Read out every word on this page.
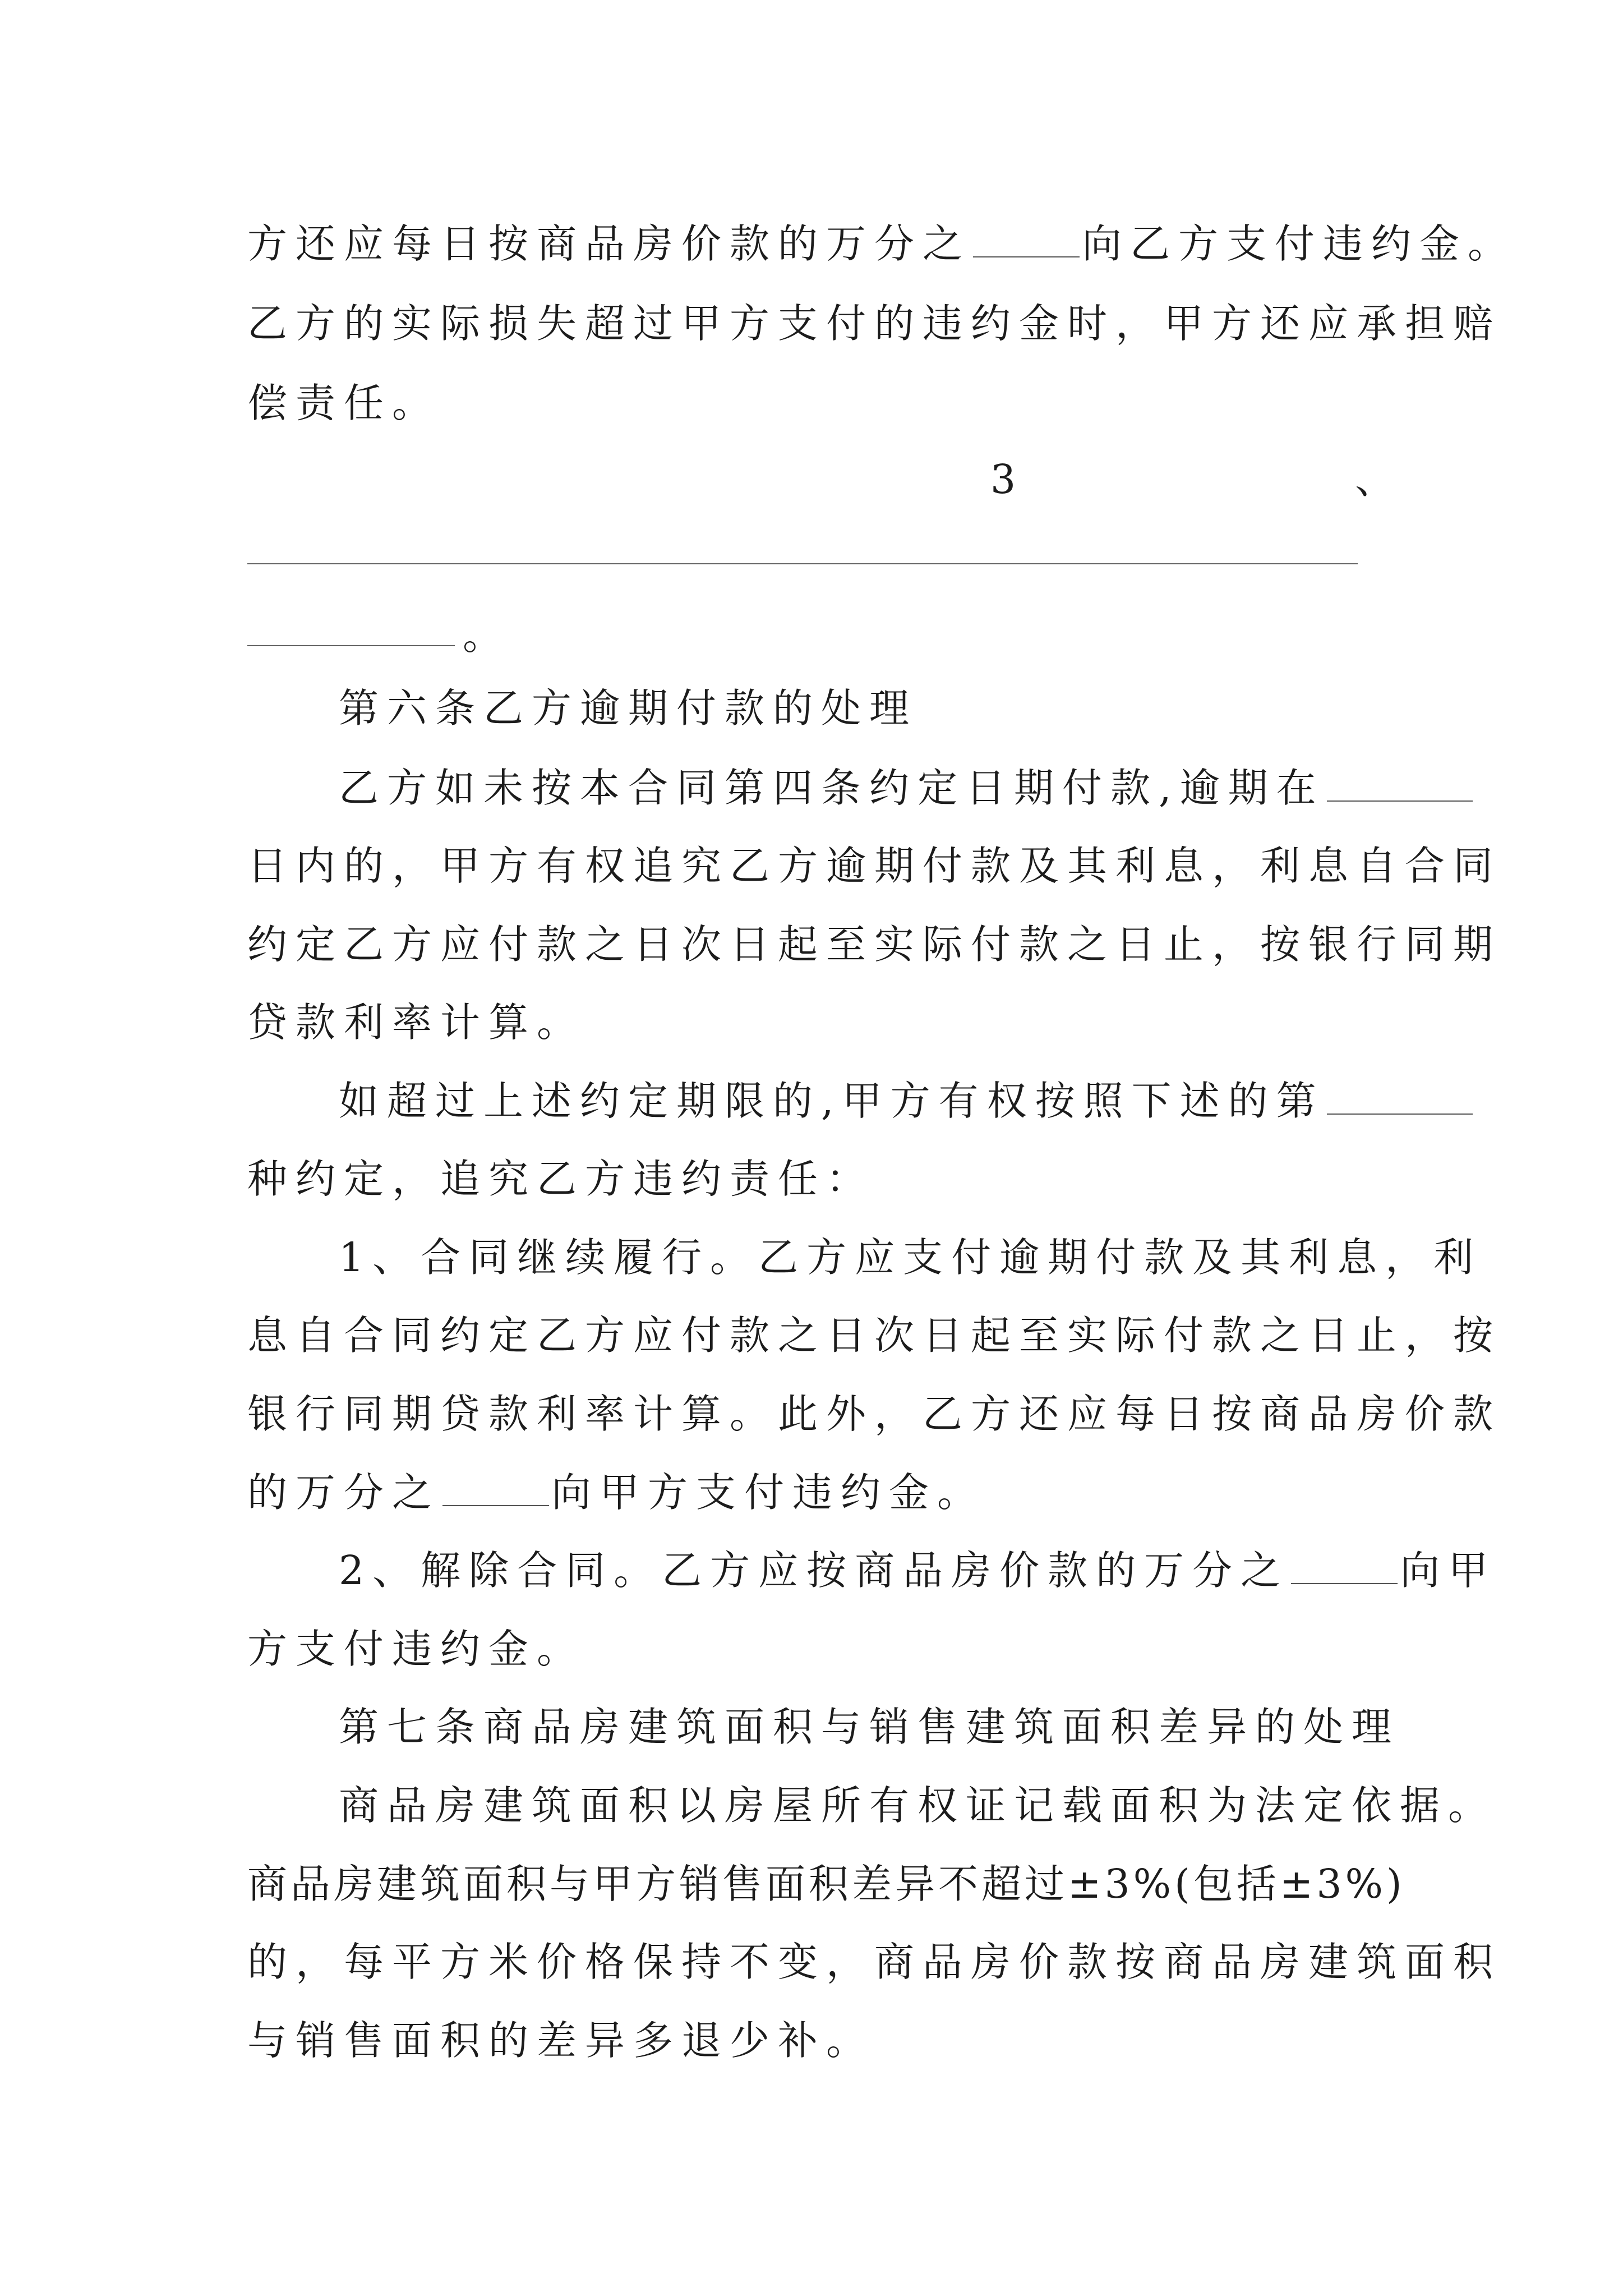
方还应每日按商品房价款的万分之	向乙方支付违约金。
乙方的实际损失超过甲方支付的违约金时，甲方还应承担赔
偿责任。
3	、
。
第六条乙方逾期付款的处理
乙方如未按本合同第四条约定日期付款,逾期在
日内的，甲方有权追究乙方逾期付款及其利息，利息自合同
约定乙方应付款之日次日起至实际付款之日止，按银行同期
贷款利率计算。
如超过上述约定期限的,甲方有权按照下述的第
种约定，追究乙方违约责任：
1、合同继续履行。乙方应支付逾期付款及其利息，利
息自合同约定乙方应付款之日次日起至实际付款之日止，按
银行同期贷款利率计算。此外，乙方还应每日按商品房价款
的万分之	向甲方支付违约金。
2、解除合同。乙方应按商品房价款的万分之	向甲
方支付违约金。
第七条商品房建筑面积与销售建筑面积差异的处理
商品房建筑面积以房屋所有权证记载面积为法定依据。
商品房建筑面积与甲方销售面积差异不超过±3%(包括±3%)
的，每平方米价格保持不变，商品房价款按商品房建筑面积
与销售面积的差异多退少补。
